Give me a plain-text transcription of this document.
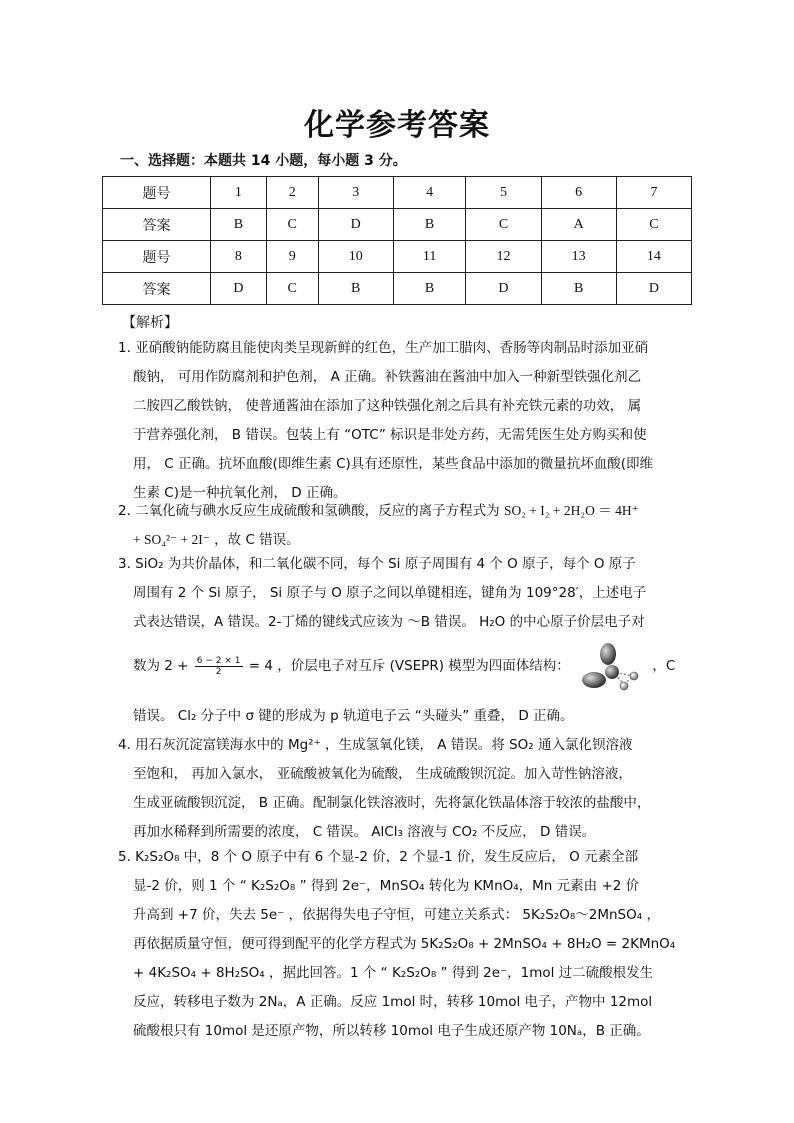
化学参考答案
一、选择题：本题共 14 小题，每小题 3 分。
题号	1	2	3	4	5	6	7
答案	B	C	D	B	C	A	C
题号	8	9	10	11	12	13	14
答案	D	C	B	B	D	B	D
【解析】
1. 亚硝酸钠能防腐且能使肉类呈现新鲜的红色，生产加工腊肉、香肠等肉制品时添加亚硝
酸钠， 可用作防腐剂和护色剂， A 正确。补铁酱油在酱油中加入一种新型铁强化剂乙
二胺四乙酸铁钠， 使普通酱油在添加了这种铁强化剂之后具有补充铁元素的功效， 属
于营养强化剂， B 错误。包装上有 “OTC” 标识是非处方药，无需凭医生处方购买和使
用， C 正确。抗坏血酸(即维生素 C)具有还原性，某些食品中添加的微量抗坏血酸(即维
生素 C)是一种抗氧化剂， D 正确。
2. 二氧化硫与碘水反应生成硫酸和氢碘酸，反应的离子方程式为 SO₂ + I₂ + 2H₂O ＝ 4H⁺
+ SO₄²⁻ + 2I⁻ ，故 C 错误。
3. SiO₂ 为共价晶体，和二氧化碳不同，每个 Si 原子周围有 4 个 O 原子，每个 O 原子
周围有 2 个 Si 原子， Si 原子与 O 原子之间以单键相连，键角为 109°28′，上述电子
式表达错误，A 错误。2-丁烯的键线式应该为 ～B 错误。 H₂O 的中心原子价层电子对
数为 $2 + \frac{6 - 2 \times 1}{2} = 4$ ，价层电子对互斥 (VSEPR) 模型为四面体结构：	，C
错误。 Cl₂ 分子中 σ 键的形成为 p 轨道电子云 “头碰头” 重叠， D 正确。
4. 用石灰沉淀富镁海水中的 Mg²⁺ ，生成氢氧化镁， A 错误。将 SO₂ 通入氯化钡溶液
至饱和， 再加入氯水， 亚硫酸被氧化为硫酸， 生成硫酸钡沉淀。加入苛性钠溶液，
生成亚硫酸钡沉淀， B 正确。配制氯化铁溶液时，先将氯化铁晶体溶于较浓的盐酸中，
再加水稀释到所需要的浓度， C 错误。 AlCl₃ 溶液与 CO₂ 不反应， D 错误。
5. K₂S₂O₈ 中，8 个 O 原子中有 6 个显-2 价，2 个显-1 价，发生反应后， O 元素全部
显-2 价，则 1 个 “ K₂S₂O₈ ” 得到 2e⁻，MnSO₄ 转化为 KMnO₄，Mn 元素由 +2 价
升高到 +7 价，失去 5e⁻ ，依据得失电子守恒，可建立关系式： 5K₂S₂O₈～2MnSO₄ ，
再依据质量守恒，便可得到配平的化学方程式为 5K₂S₂O₈ + 2MnSO₄ + 8H₂O = 2KMnO₄
+ 4K₂SO₄ + 8H₂SO₄ ，据此回答。1 个 “ K₂S₂O₈ ” 得到 2e⁻，1mol 过二硫酸根发生
反应，转移电子数为 2Nₐ，A 正确。反应 1mol 时，转移 10mol 电子，产物中 12mol
硫酸根只有 10mol 是还原产物，所以转移 10mol 电子生成还原产物 10Nₐ，B 正确。
